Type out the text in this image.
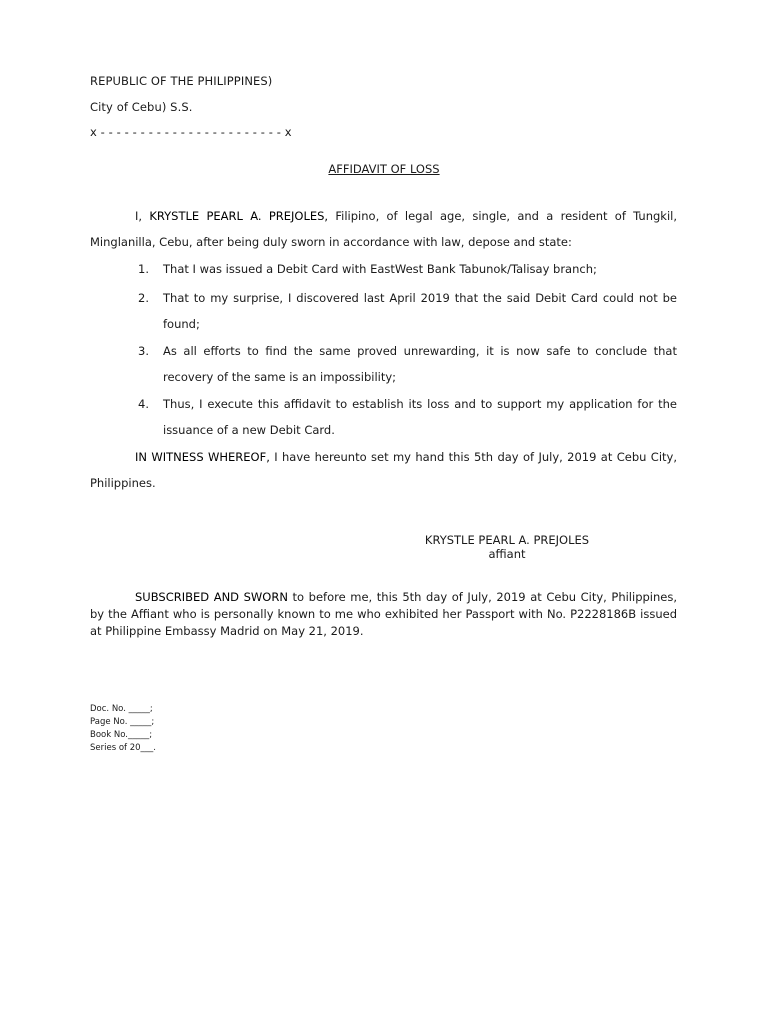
REPUBLIC OF THE PHILIPPINES)
City of Cebu) S.S.
x - - - - - - - - - - - - - - - - - - - - - - - x
AFFIDAVIT OF LOSS
I, KRYSTLE PEARL A. PREJOLES, Filipino, of legal age, single, and a resident of Tungkil, Minglanilla, Cebu, after being duly sworn in accordance with law, depose and state:
1.	That I was issued a Debit Card with EastWest Bank Tabunok/Talisay branch;
2.	That to my surprise, I discovered last April 2019 that the said Debit Card could not be found;
3.	As all efforts to find the same proved unrewarding, it is now safe to conclude that recovery of the same is an impossibility;
4.	Thus, I execute this affidavit to establish its loss and to support my application for the issuance of a new Debit Card.
IN WITNESS WHEREOF, I have hereunto set my hand this 5th day of July, 2019 at Cebu City, Philippines.
KRYSTLE PEARL A. PREJOLES
affiant
SUBSCRIBED AND SWORN to before me, this 5th day of July, 2019 at Cebu City, Philippines, by the Affiant who is personally known to me who exhibited her Passport with No. P2228186B issued at Philippine Embassy Madrid on May 21, 2019.
Doc. No. _____;
Page No. _____;
Book No._____;
Series of 20___.
